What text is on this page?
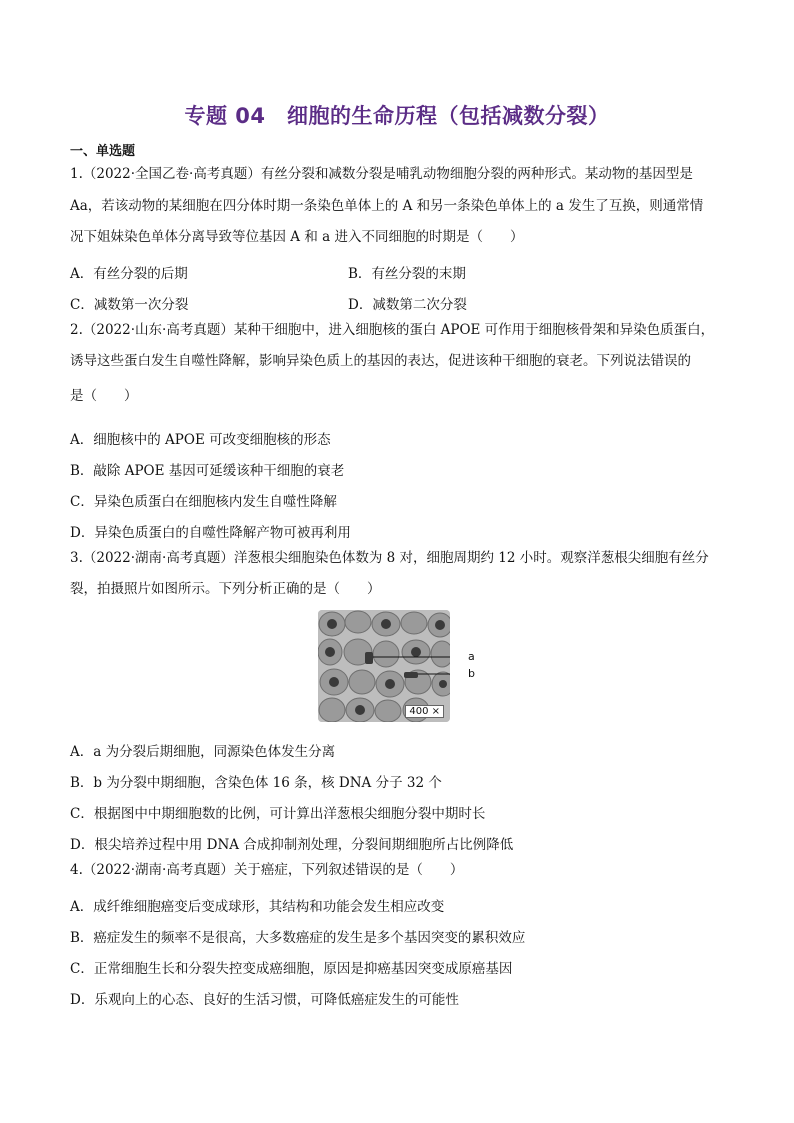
专题 04　细胞的生命历程（包括减数分裂）
一、单选题
1.（2022·全国乙卷·高考真题）有丝分裂和减数分裂是哺乳动物细胞分裂的两种形式。某动物的基因型是
Aa，若该动物的某细胞在四分体时期一条染色单体上的 A 和另一条染色单体上的 a 发生了互换，则通常情
况下姐妹染色单体分离导致等位基因 A 和 a 进入不同细胞的时期是（　　）
A．有丝分裂的后期	B．有丝分裂的末期
C．减数第一次分裂	D．减数第二次分裂
2.（2022·山东·高考真题）某种干细胞中，进入细胞核的蛋白 APOE 可作用于细胞核骨架和异染色质蛋白，
诱导这些蛋白发生自噬性降解，影响异染色质上的基因的表达，促进该种干细胞的衰老。下列说法错误的
是（　　）
A．细胞核中的 APOE 可改变细胞核的形态
B．敲除 APOE 基因可延缓该种干细胞的衰老
C．异染色质蛋白在细胞核内发生自噬性降解
D．异染色质蛋白的自噬性降解产物可被再利用
3.（2022·湖南·高考真题）洋葱根尖细胞染色体数为 8 对，细胞周期约 12 小时。观察洋葱根尖细胞有丝分
裂，拍摄照片如图所示。下列分析正确的是（　　）
400 ×
a
b
A．a 为分裂后期细胞，同源染色体发生分离
B．b 为分裂中期细胞，含染色体 16 条，核 DNA 分子 32 个
C．根据图中中期细胞数的比例，可计算出洋葱根尖细胞分裂中期时长
D．根尖培养过程中用 DNA 合成抑制剂处理，分裂间期细胞所占比例降低
4.（2022·湖南·高考真题）关于癌症，下列叙述错误的是（　　）
A．成纤维细胞癌变后变成球形，其结构和功能会发生相应改变
B．癌症发生的频率不是很高，大多数癌症的发生是多个基因突变的累积效应
C．正常细胞生长和分裂失控变成癌细胞，原因是抑癌基因突变成原癌基因
D．乐观向上的心态、良好的生活习惯，可降低癌症发生的可能性
